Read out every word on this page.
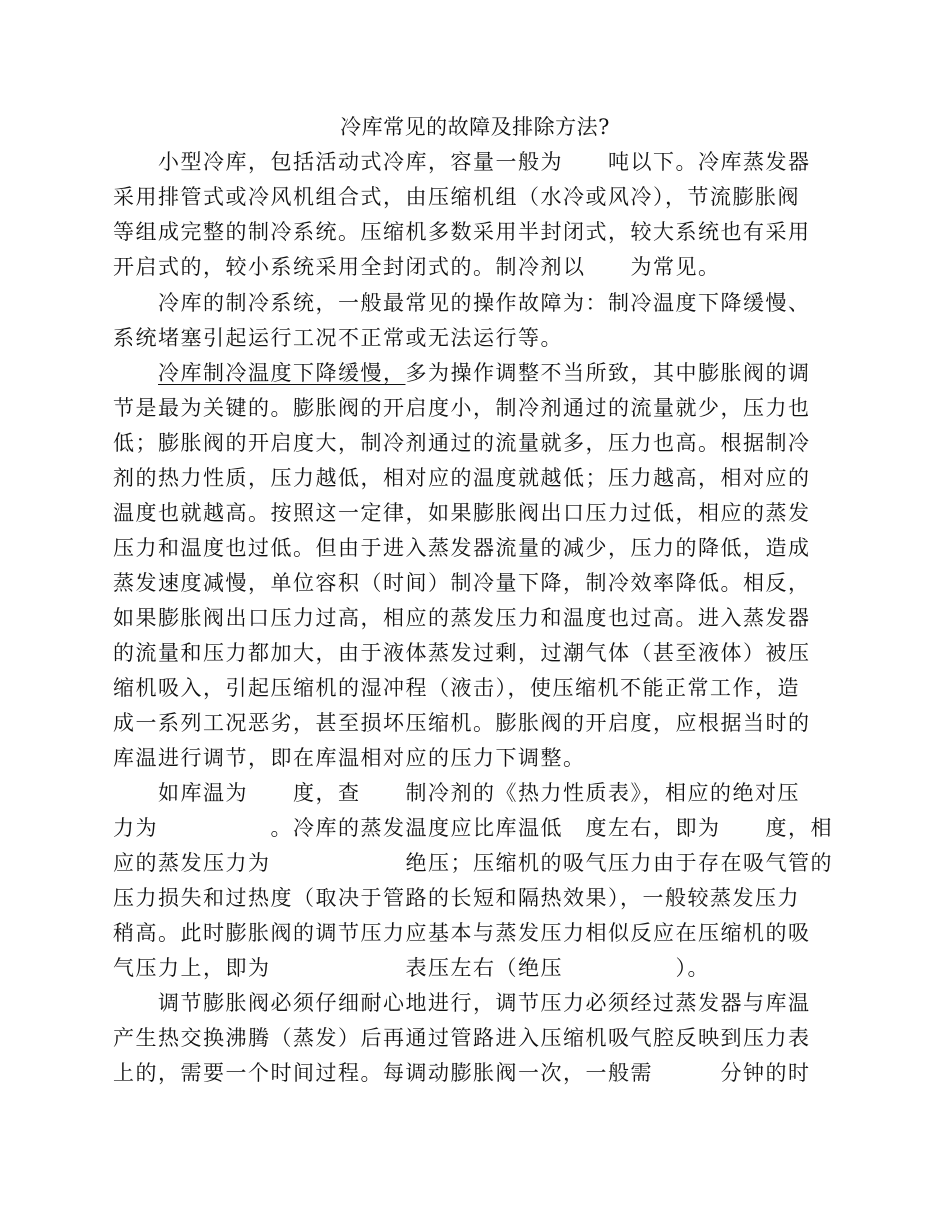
冷库常见的故障及排除方法?
小型冷库，包括活动式冷库，容量一般为　　吨以下。冷库蒸发器
采用排管式或冷风机组合式，由压缩机组（水冷或风冷），节流膨胀阀
等组成完整的制冷系统。压缩机多数采用半封闭式，较大系统也有采用
开启式的，较小系统采用全封闭式的。制冷剂以　　为常见。
冷库的制冷系统，一般最常见的操作故障为：制冷温度下降缓慢、
系统堵塞引起运行工况不正常或无法运行等。
冷库制冷温度下降缓慢，多为操作调整不当所致，其中膨胀阀的调
节是最为关键的。膨胀阀的开启度小，制冷剂通过的流量就少，压力也
低；膨胀阀的开启度大，制冷剂通过的流量就多，压力也高。根据制冷
剂的热力性质，压力越低，相对应的温度就越低；压力越高，相对应的
温度也就越高。按照这一定律，如果膨胀阀出口压力过低，相应的蒸发
压力和温度也过低。但由于进入蒸发器流量的减少，压力的降低，造成
蒸发速度减慢，单位容积（时间）制冷量下降，制冷效率降低。相反，
如果膨胀阀出口压力过高，相应的蒸发压力和温度也过高。进入蒸发器
的流量和压力都加大，由于液体蒸发过剩，过潮气体（甚至液体）被压
缩机吸入，引起压缩机的湿冲程（液击），使压缩机不能正常工作，造
成一系列工况恶劣，甚至损坏压缩机。膨胀阀的开启度，应根据当时的
库温进行调节，即在库温相对应的压力下调整。
如库温为　　度，查　　制冷剂的《热力性质表》，相应的绝对压
力为　　　　　。冷库的蒸发温度应比库温低　度左右，即为　　度，相
应的蒸发压力为　　　　　　绝压；压缩机的吸气压力由于存在吸气管的
压力损失和过热度（取决于管路的长短和隔热效果），一般较蒸发压力
稍高。此时膨胀阀的调节压力应基本与蒸发压力相似反应在压缩机的吸
气压力上，即为　　　　　　表压左右（绝压　　　　　）。
调节膨胀阀必须仔细耐心地进行，调节压力必须经过蒸发器与库温
产生热交换沸腾（蒸发）后再通过管路进入压缩机吸气腔反映到压力表
上的，需要一个时间过程。每调动膨胀阀一次，一般需　　　分钟的时
